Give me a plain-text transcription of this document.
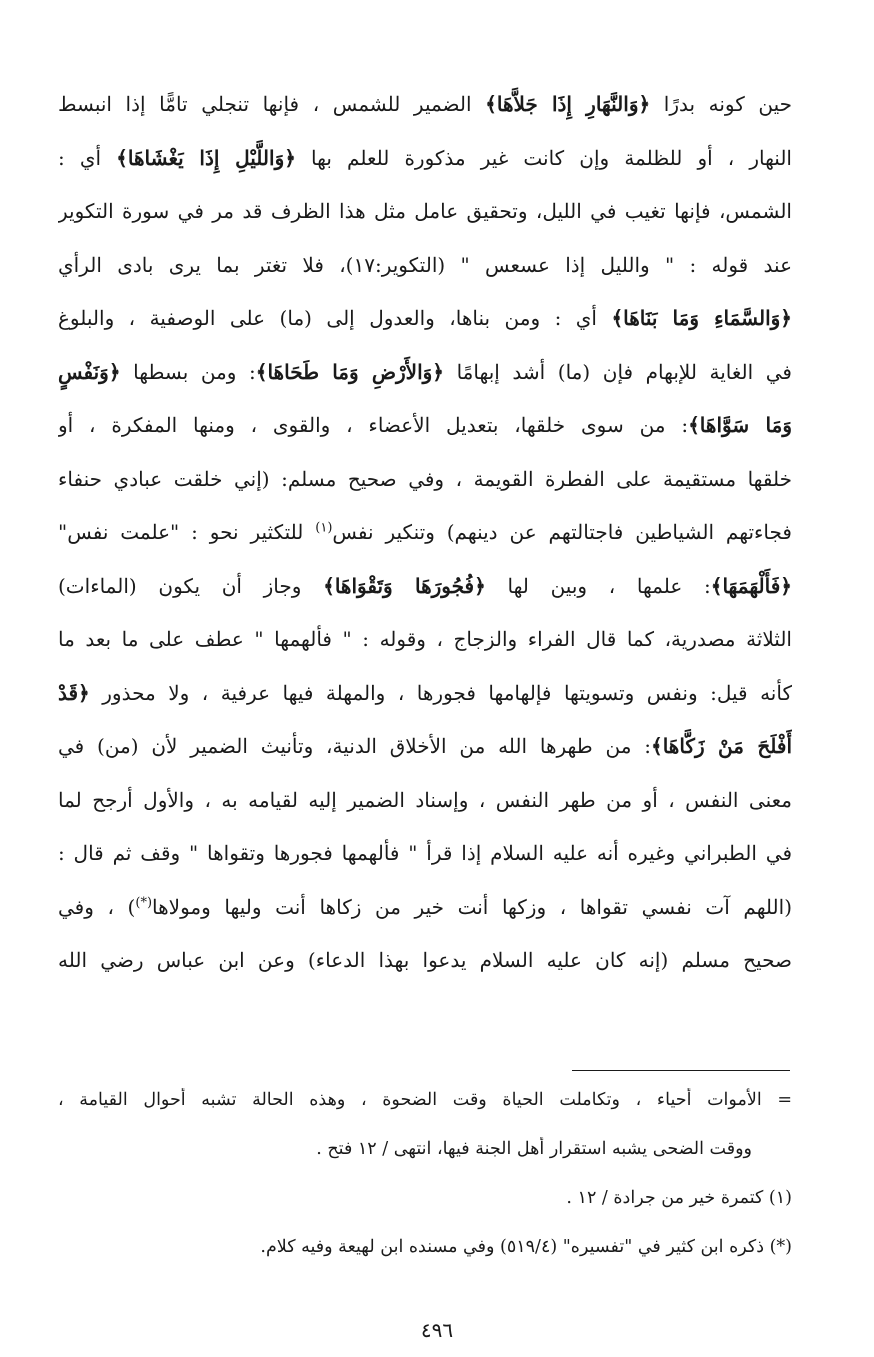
حين كونه بدرًا ﴿وَالنَّهَارِ إِذَا جَلاَّهَا﴾ الضمير للشمس ، فإنها تنجلي تامًّا إذا انبسط
النهار ، أو للظلمة وإن كانت غير مذكورة للعلم بها ﴿وَاللَّيْلِ إِذَا يَغْشَاهَا﴾ أي :
الشمس، فإنها تغيب في الليل، وتحقيق عامل مثل هذا الظرف قد مر في سورة التكوير
عند قوله : " والليل إذا عسعس " (التكوير:١٧)، فلا تغتر بما يرى بادى الرأي
﴿وَالسَّمَاءِ وَمَا بَنَاهَا﴾ أي : ومن بناها، والعدول إلى (ما) على الوصفية ، والبلوغ
في الغاية للإبهام فإن (ما) أشد إبهامًا ﴿وَالأَرْضِ وَمَا طَحَاهَا﴾: ومن بسطها ﴿وَنَفْسٍ
وَمَا سَوَّاهَا﴾: من سوى خلقها، بتعديل الأعضاء ، والقوى ، ومنها المفكرة ، أو
خلقها مستقيمة على الفطرة القويمة ، وفي صحيح مسلم: (إني خلقت عبادي حنفاء
فجاءتهم الشياطين فاجتالتهم عن دينهم) وتنكير نفس$^{(١)}$ للتكثير نحو : "علمت نفس"
﴿فَأَلْهَمَهَا﴾: علمها ، وبين لها ﴿فُجُورَهَا وَتَقْوَاهَا﴾ وجاز أن يكون (الماءات)
الثلاثة مصدرية، كما قال الفراء والزجاج ، وقوله : " فألهمها " عطف على ما بعد ما
كأنه قيل: ونفس وتسويتها فإلهامها فجورها ، والمهلة فيها عرفية ، ولا محذور ﴿قَدْ
أَفْلَحَ مَنْ زَكَّاهَا﴾: من طهرها الله من الأخلاق الدنية، وتأنيث الضمير لأن (من) في
معنى النفس ، أو من طهر النفس ، وإسناد الضمير إليه لقيامه به ، والأول أرجح لما
في الطبراني وغيره أنه عليه السلام إذا قرأ " فألهمها فجورها وتقواها " وقف ثم قال :
(اللهم آت نفسي تقواها ، وزكها أنت خير من زكاها أنت وليها ومولاها(*)) ، وفي
صحيح مسلم (إنه كان عليه السلام يدعوا بهذا الدعاء) وعن ابن عباس رضي الله
= الأموات أحياء ، وتكاملت الحياة وقت الضحوة ، وهذه الحالة تشبه أحوال القيامة ،
ووقت الضحى يشبه استقرار أهل الجنة فيها، انتهى / ١٢ فتح .
(١) كتمرة خير من جرادة / ١٢ .
(*) ذكره ابن كثير في "تفسيره" (٥١٩/٤) وفي مسنده ابن لهيعة وفيه كلام.
٤٩٦
